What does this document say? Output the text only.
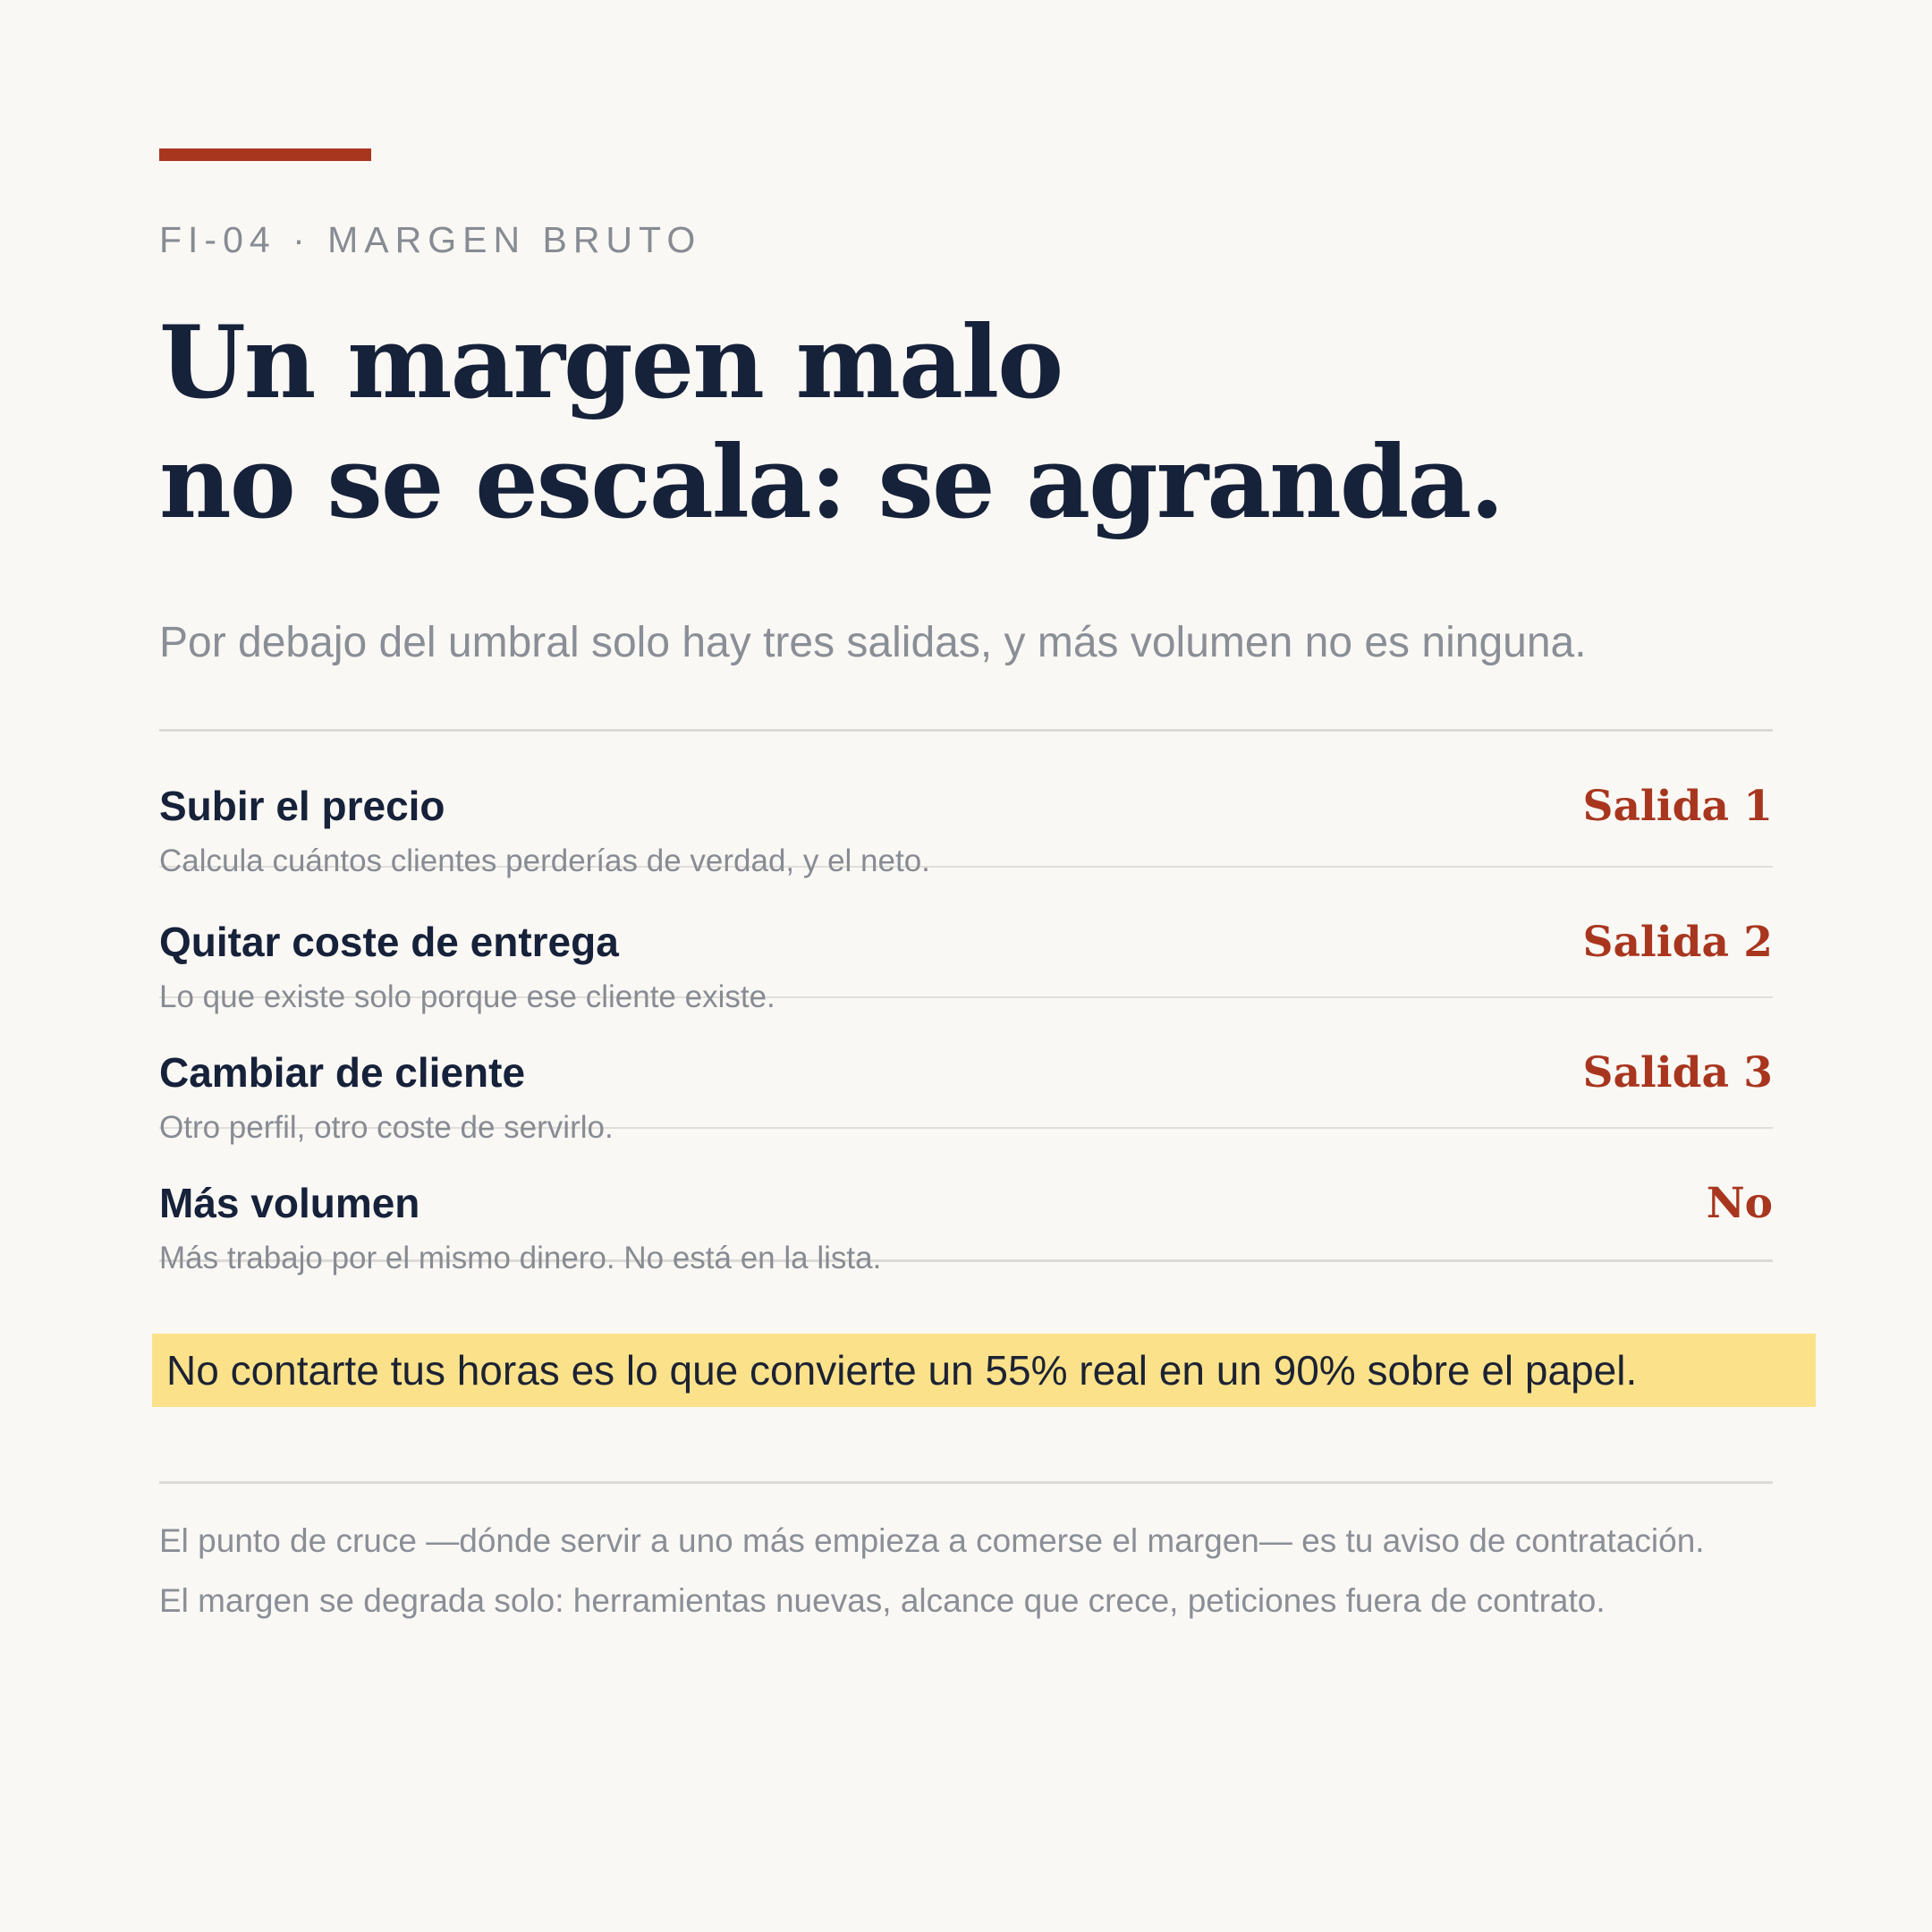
FI-04 · MARGEN BRUTO
Un margen malo
no se escala: se agranda.
Por debajo del umbral solo hay tres salidas, y más volumen no es ninguna.
Subir el precio
Calcula cuántos clientes perderías de verdad, y el neto.
Salida 1
Quitar coste de entrega
Lo que existe solo porque ese cliente existe.
Salida 2
Cambiar de cliente
Otro perfil, otro coste de servirlo.
Salida 3
Más volumen
Más trabajo por el mismo dinero. No está en la lista.
No
No contarte tus horas es lo que convierte un 55% real en un 90% sobre el papel.
El punto de cruce —dónde servir a uno más empieza a comerse el margen— es tu aviso de contratación.
El margen se degrada solo: herramientas nuevas, alcance que crece, peticiones fuera de contrato.
